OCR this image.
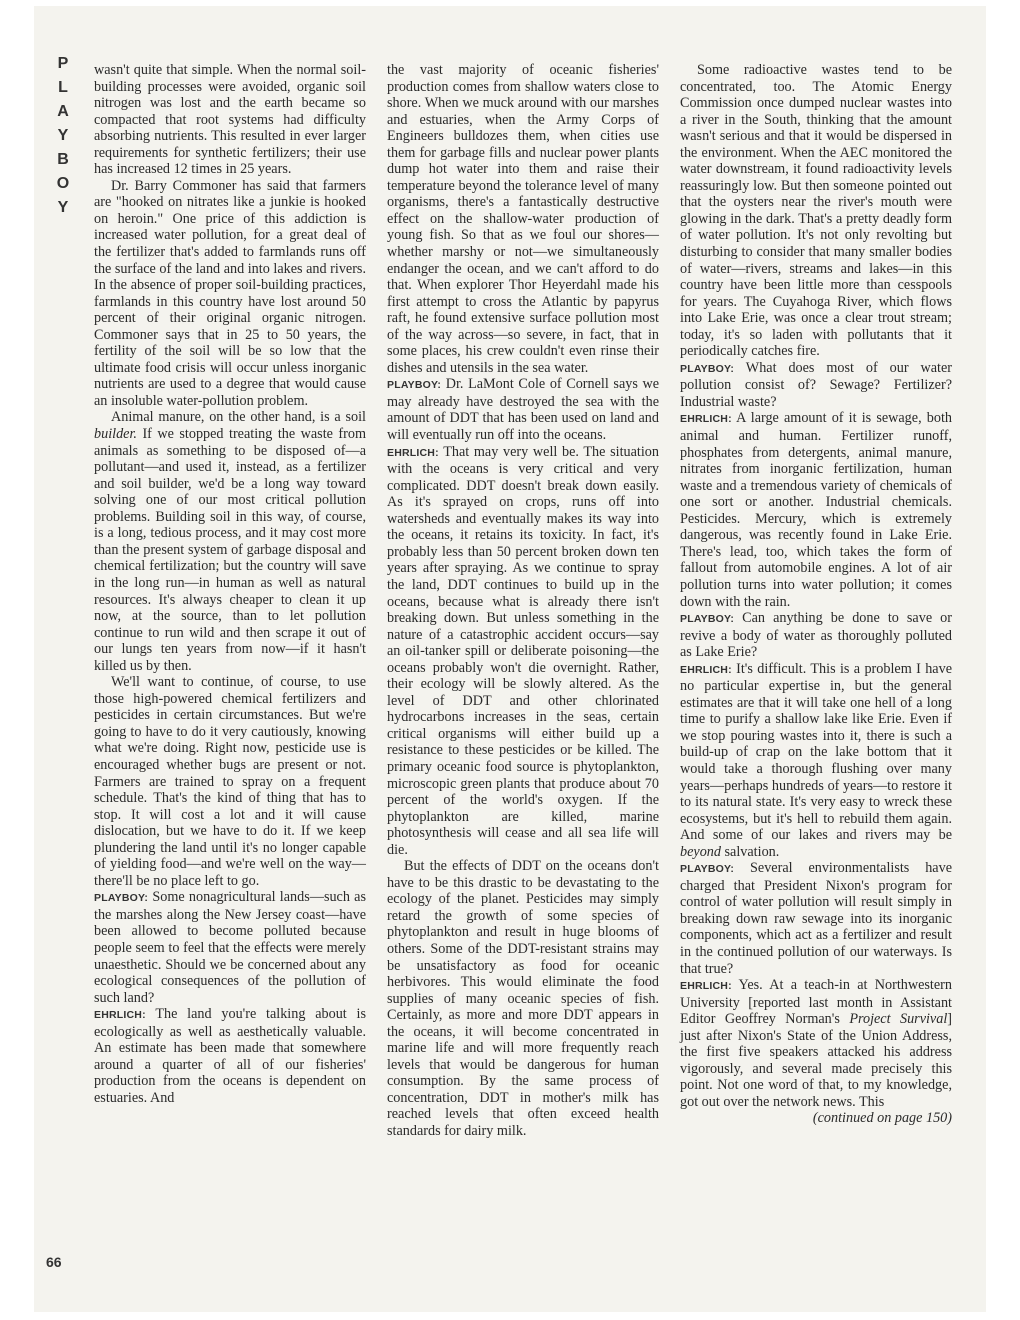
P
L
A
Y
B
O
Y
66

wasn't quite that simple. When the normal soil-building processes were avoided, organic soil nitrogen was lost and the earth became so compacted that root systems had difficulty absorbing nutrients. This resulted in ever larger requirements for synthetic fertilizers; their use has increased 12 times in 25 years.

Dr. Barry Commoner has said that farmers are "hooked on nitrates like a junkie is hooked on heroin." One price of this addiction is increased water pollution, for a great deal of the fertilizer that's added to farmlands runs off the surface of the land and into lakes and rivers. In the absence of proper soil-building practices, farmlands in this country have lost around 50 percent of their original organic nitrogen. Commoner says that in 25 to 50 years, the fertility of the soil will be so low that the ultimate food crisis will occur unless inorganic nutrients are used to a degree that would cause an insoluble water-pollution problem.

Animal manure, on the other hand, is a soil builder. If we stopped treating the waste from animals as something to be disposed of—a pollutant—and used it, instead, as a fertilizer and soil builder, we'd be a long way toward solving one of our most critical pollution problems. Building soil in this way, of course, is a long, tedious process, and it may cost more than the present system of garbage disposal and chemical fertilization; but the country will save in the long run—in human as well as natural resources. It's always cheaper to clean it up now, at the source, than to let pollution continue to run wild and then scrape it out of our lungs ten years from now—if it hasn't killed us by then.

We'll want to continue, of course, to use those high-powered chemical fertilizers and pesticides in certain circumstances. But we're going to have to do it very cautiously, knowing what we're doing. Right now, pesticide use is encouraged whether bugs are present or not. Farmers are trained to spray on a frequent schedule. That's the kind of thing that has to stop. It will cost a lot and it will cause dislocation, but we have to do it. If we keep plundering the land until it's no longer capable of yielding food—and we're well on the way—there'll be no place left to go.

PLAYBOY: Some nonagricultural lands—such as the marshes along the New Jersey coast—have been allowed to become polluted because people seem to feel that the effects were merely unaesthetic. Should we be concerned about any ecological consequences of the pollution of such land?

EHRLICH: The land you're talking about is ecologically as well as aesthetically valuable. An estimate has been made that somewhere around a quarter of all of our fisheries' production from the oceans is dependent on estuaries. And

the vast majority of oceanic fisheries' production comes from shallow waters close to shore. When we muck around with our marshes and estuaries, when the Army Corps of Engineers bulldozes them, when cities use them for garbage fills and nuclear power plants dump hot water into them and raise their temperature beyond the tolerance level of many organisms, there's a fantastically destructive effect on the shallow-water production of young fish. So that as we foul our shores—whether marshy or not—we simultaneously endanger the ocean, and we can't afford to do that. When explorer Thor Heyerdahl made his first attempt to cross the Atlantic by papyrus raft, he found extensive surface pollution most of the way across—so severe, in fact, that in some places, his crew couldn't even rinse their dishes and utensils in the sea water.

PLAYBOY: Dr. LaMont Cole of Cornell says we may already have destroyed the sea with the amount of DDT that has been used on land and will eventually run off into the oceans.

EHRLICH: That may very well be. The situation with the oceans is very critical and very complicated. DDT doesn't break down easily. As it's sprayed on crops, runs off into watersheds and eventually makes its way into the oceans, it retains its toxicity. In fact, it's probably less than 50 percent broken down ten years after spraying. As we continue to spray the land, DDT continues to build up in the oceans, because what is already there isn't breaking down. But unless something in the nature of a catastrophic accident occurs—say an oil-tanker spill or deliberate poisoning—the oceans probably won't die overnight. Rather, their ecology will be slowly altered. As the level of DDT and other chlorinated hydrocarbons increases in the seas, certain critical organisms will either build up a resistance to these pesticides or be killed. The primary oceanic food source is phytoplankton, microscopic green plants that produce about 70 percent of the world's oxygen. If the phytoplankton are killed, marine photosynthesis will cease and all sea life will die.

But the effects of DDT on the oceans don't have to be this drastic to be devastating to the ecology of the planet. Pesticides may simply retard the growth of some species of phytoplankton and result in huge blooms of others. Some of the DDT-resistant strains may be unsatisfactory as food for oceanic herbivores. This would eliminate the food supplies of many oceanic species of fish. Certainly, as more and more DDT appears in the oceans, it will become concentrated in marine life and will more frequently reach levels that would be dangerous for human consumption. By the same process of concentration, DDT in mother's milk has reached levels that often exceed health standards for dairy milk.

Some radioactive wastes tend to be concentrated, too. The Atomic Energy Commission once dumped nuclear wastes into a river in the South, thinking that the amount wasn't serious and that it would be dispersed in the environment. When the AEC monitored the water downstream, it found radioactivity levels reassuringly low. But then someone pointed out that the oysters near the river's mouth were glowing in the dark. That's a pretty deadly form of water pollution. It's not only revolting but disturbing to consider that many smaller bodies of water—rivers, streams and lakes—in this country have been little more than cesspools for years. The Cuyahoga River, which flows into Lake Erie, was once a clear trout stream; today, it's so laden with pollutants that it periodically catches fire.

PLAYBOY: What does most of our water pollution consist of? Sewage? Fertilizer? Industrial waste?

EHRLICH: A large amount of it is sewage, both animal and human. Fertilizer runoff, phosphates from detergents, animal manure, nitrates from inorganic fertilization, human waste and a tremendous variety of chemicals of one sort or another. Industrial chemicals. Pesticides. Mercury, which is extremely dangerous, was recently found in Lake Erie. There's lead, too, which takes the form of fallout from automobile engines. A lot of air pollution turns into water pollution; it comes down with the rain.

PLAYBOY: Can anything be done to save or revive a body of water as thoroughly polluted as Lake Erie?

EHRLICH: It's difficult. This is a problem I have no particular expertise in, but the general estimates are that it will take one hell of a long time to purify a shallow lake like Erie. Even if we stop pouring wastes into it, there is such a build-up of crap on the lake bottom that it would take a thorough flushing over many years—perhaps hundreds of years—to restore it to its natural state. It's very easy to wreck these ecosystems, but it's hell to rebuild them again. And some of our lakes and rivers may be beyond salvation.

PLAYBOY: Several environmentalists have charged that President Nixon's program for control of water pollution will result simply in breaking down raw sewage into its inorganic components, which act as a fertilizer and result in the continued pollution of our waterways. Is that true?

EHRLICH: Yes. At a teach-in at Northwestern University [reported last month in Assistant Editor Geoffrey Norman's Project Survival] just after Nixon's State of the Union Address, the first five speakers attacked his address vigorously, and several made precisely this point. Not one word of that, to my knowledge, got out over the network news. This

(continued on page 150)
